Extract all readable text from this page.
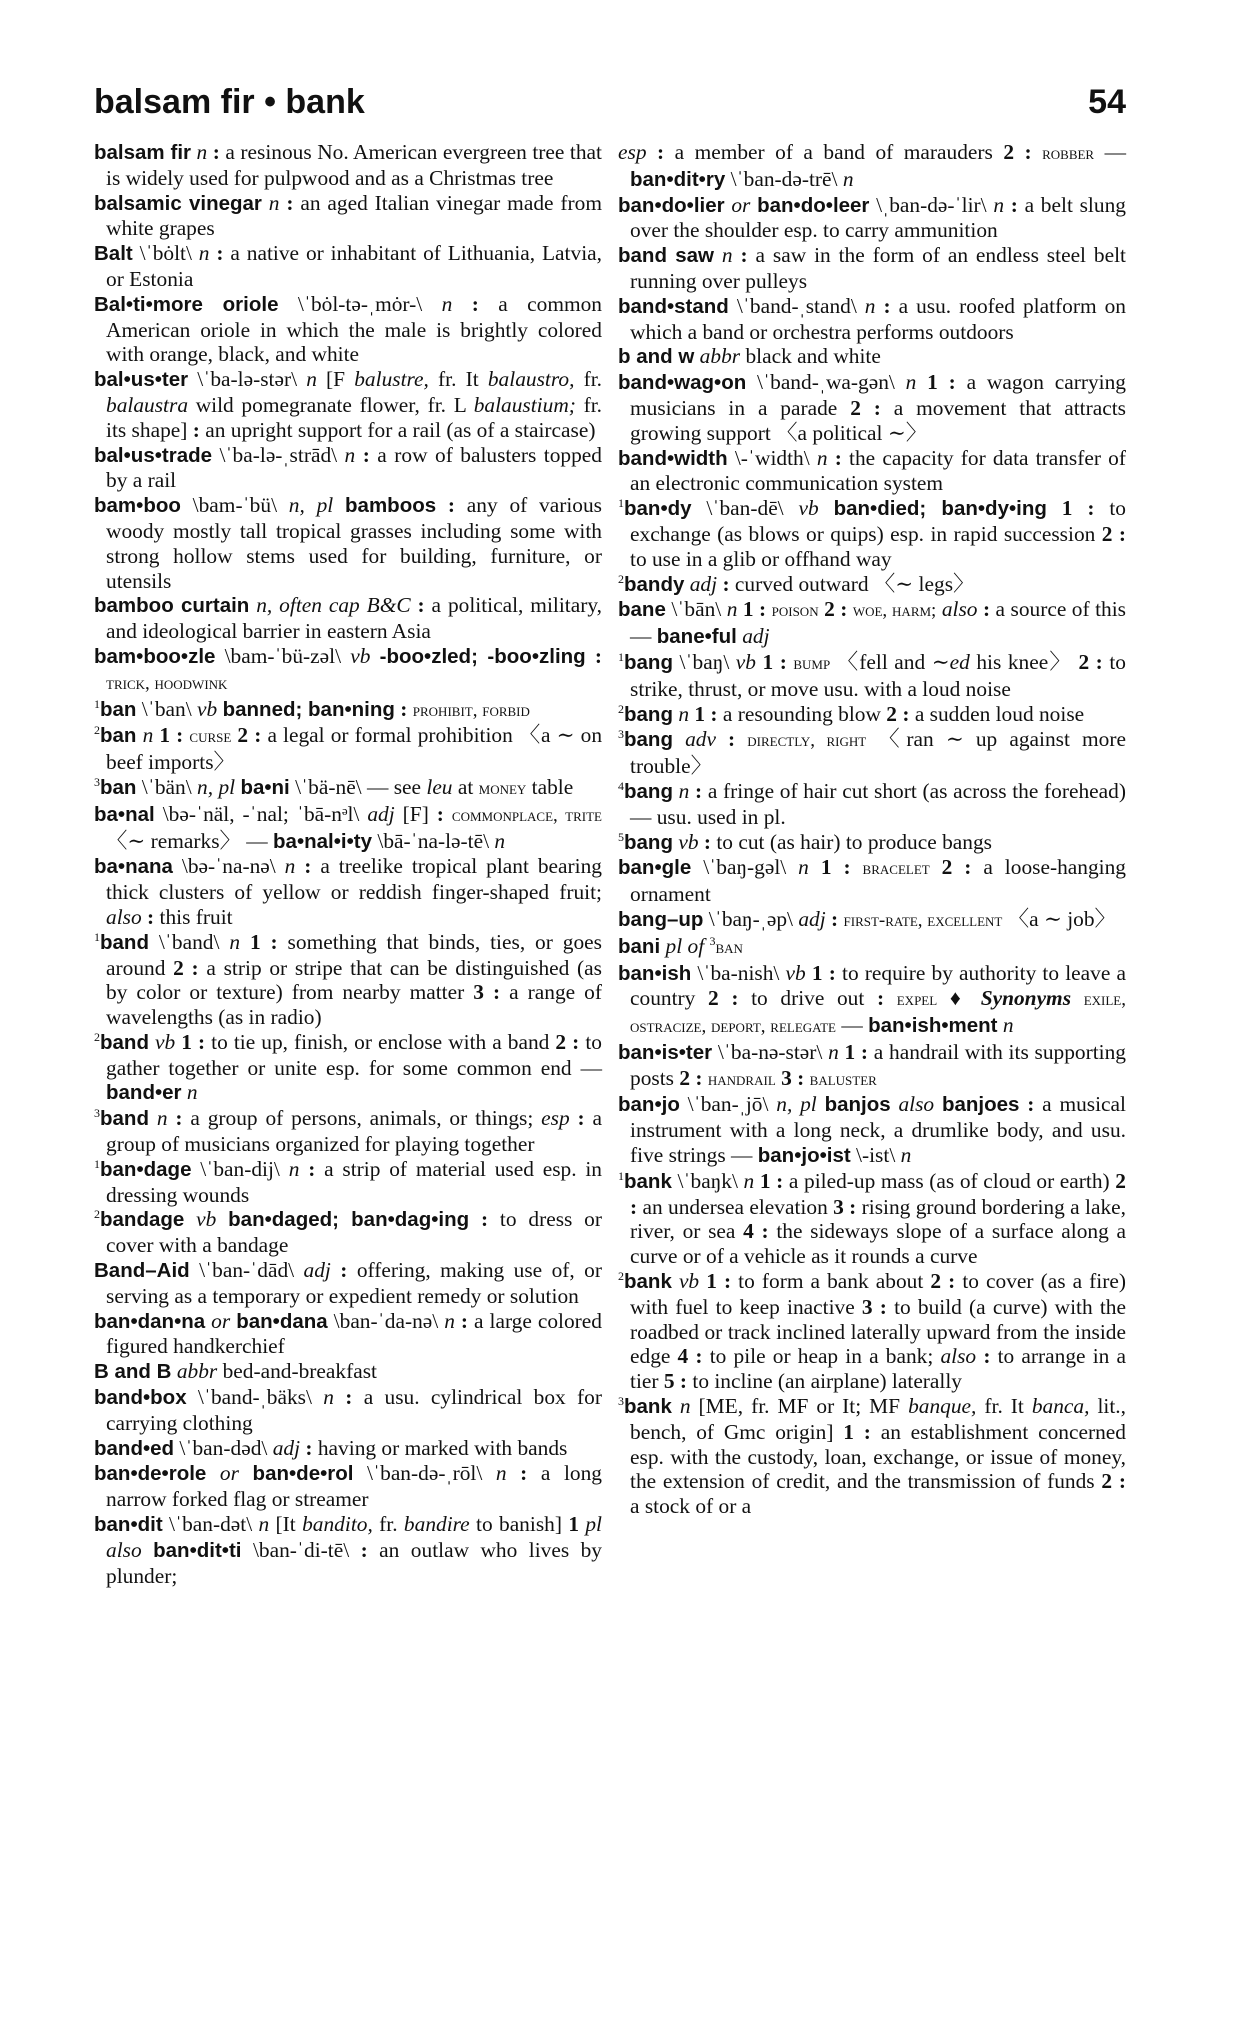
balsam fir • bank	54

balsam fir n : a resinous No. American evergreen tree that is widely used for pulpwood and as a Christmas tree

balsamic vinegar n : an aged Italian vinegar made from white grapes

Balt \ˈbȯlt\ n : a native or inhabitant of Lithuania, Latvia, or Estonia

Bal•ti•more oriole \ˈbȯl-tə-ˌmȯr-\ n : a common American oriole in which the male is brightly colored with orange, black, and white

bal•us•ter \ˈba-lə-stər\ n [F balustre, fr. It balaustro, fr. balaustra wild pomegranate flower, fr. L balaustium; fr. its shape] : an upright support for a rail (as of a staircase)

bal•us•trade \ˈba-lə-ˌstrād\ n : a row of balusters topped by a rail

bam•boo \bam-ˈbü\ n, pl bamboos : any of various woody mostly tall tropical grasses including some with strong hollow stems used for building, furniture, or utensils

bamboo curtain n, often cap B&C : a political, military, and ideological barrier in eastern Asia

bam•boo•zle \bam-ˈbü-zəl\ vb -boo•zled; -boo•zling : trick, hoodwink

$^1$ban \ˈban\ vb banned; ban•ning : prohibit, forbid

$^2$ban n 1 : curse 2 : a legal or formal prohibition 〈a ∼ on beef imports〉

$^3$ban \ˈbän\ n, pl ba•ni \ˈbä-nē\ — see leu at money table

ba•nal \bə-ˈnäl, -ˈnal; ˈbā-nᵊl\ adj [F] : commonplace, trite 〈∼ remarks〉 — ba•nal•i•ty \bā-ˈna-lə-tē\ n

ba•nana \bə-ˈna-nə\ n : a treelike tropical plant bearing thick clusters of yellow or reddish finger-shaped fruit; also : this fruit

$^1$band \ˈband\ n 1 : something that binds, ties, or goes around 2 : a strip or stripe that can be distinguished (as by color or texture) from nearby matter 3 : a range of wavelengths (as in radio)

$^2$band vb 1 : to tie up, finish, or enclose with a band 2 : to gather together or unite esp. for some common end — band•er n

$^3$band n : a group of persons, animals, or things; esp : a group of musicians organized for playing together

$^1$ban•dage \ˈban-dij\ n : a strip of material used esp. in dressing wounds

$^2$bandage vb ban•daged; ban•dag•ing : to dress or cover with a bandage

Band–Aid \ˈban-ˈdād\ adj : offering, making use of, or serving as a temporary or expedient remedy or solution

ban•dan•na or ban•dana \ban-ˈda-nə\ n : a large colored figured handkerchief

B and B abbr bed-and-breakfast

band•box \ˈband-ˌbäks\ n : a usu. cylindrical box for carrying clothing

band•ed \ˈban-dəd\ adj : having or marked with bands

ban•de•role or ban•de•rol \ˈban-də-ˌrōl\ n : a long narrow forked flag or streamer

ban•dit \ˈban-dət\ n [It bandito, fr. bandire to banish] 1 pl also ban•dit•ti \ban-ˈdi-tē\ : an outlaw who lives by plunder;

esp : a member of a band of marauders 2 : robber — ban•dit•ry \ˈban-də-trē\ n

ban•do•lier or ban•do•leer \ˌban-də-ˈlir\ n : a belt slung over the shoulder esp. to carry ammunition

band saw n : a saw in the form of an endless steel belt running over pulleys

band•stand \ˈband-ˌstand\ n : a usu. roofed platform on which a band or orchestra performs outdoors

b and w abbr black and white

band•wag•on \ˈband-ˌwa-gən\ n 1 : a wagon carrying musicians in a parade 2 : a movement that attracts growing support 〈a political ∼〉

band•width \-ˈwidth\ n : the capacity for data transfer of an electronic communication system

$^1$ban•dy \ˈban-dē\ vb ban•died; ban•dy•ing 1 : to exchange (as blows or quips) esp. in rapid succession 2 : to use in a glib or offhand way

$^2$bandy adj : curved outward 〈∼ legs〉

bane \ˈbān\ n 1 : poison 2 : woe, harm; also : a source of this — bane•ful adj

$^1$bang \ˈbaŋ\ vb 1 : bump 〈fell and ∼ed his knee〉 2 : to strike, thrust, or move usu. with a loud noise

$^2$bang n 1 : a resounding blow 2 : a sudden loud noise

$^3$bang adv : directly, right 〈ran ∼ up against more trouble〉

$^4$bang n : a fringe of hair cut short (as across the forehead) — usu. used in pl.

$^5$bang vb : to cut (as hair) to produce bangs

ban•gle \ˈbaŋ-gəl\ n 1 : bracelet 2 : a loose-hanging ornament

bang–up \ˈbaŋ-ˌəp\ adj : first-rate, excellent 〈a ∼ job〉

bani pl of $^3$ban

ban•ish \ˈba-nish\ vb 1 : to require by authority to leave a country 2 : to drive out : expel ♦ Synonyms exile, ostracize, deport, relegate — ban•ish•ment n

ban•is•ter \ˈba-nə-stər\ n 1 : a handrail with its supporting posts 2 : handrail 3 : baluster

ban•jo \ˈban-ˌjō\ n, pl banjos also banjoes : a musical instrument with a long neck, a drumlike body, and usu. five strings — ban•jo•ist \-ist\ n

$^1$bank \ˈbaŋk\ n 1 : a piled-up mass (as of cloud or earth) 2 : an undersea elevation 3 : rising ground bordering a lake, river, or sea 4 : the sideways slope of a surface along a curve or of a vehicle as it rounds a curve

$^2$bank vb 1 : to form a bank about 2 : to cover (as a fire) with fuel to keep inactive 3 : to build (a curve) with the roadbed or track inclined laterally upward from the inside edge 4 : to pile or heap in a bank; also : to arrange in a tier 5 : to incline (an airplane) laterally

$^3$bank n [ME, fr. MF or It; MF banque, fr. It banca, lit., bench, of Gmc origin] 1 : an establishment concerned esp. with the custody, loan, exchange, or issue of money, the extension of credit, and the transmission of funds 2 : a stock of or a
